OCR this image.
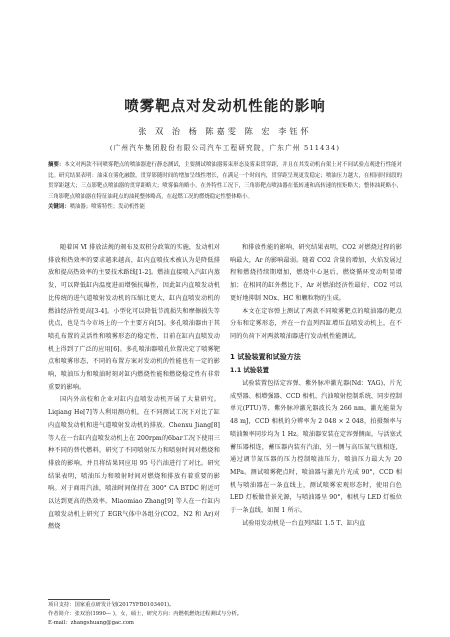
喷雾靶点对发动机性能的影响
张 双 治 杨 陈嘉雯 陈 宏 李钰怀
(广州汽车集团股份有限公司汽车工程研究院，广东广州 511434)
摘要：本文对两款不同喷雾靶点的喷油器进行静态测试，主要测试喷油器雾束形态及雾束贯穿距，并且在其发动机台架上对不同试验点观进行性能对比。研究结果表明：油束在雾化融散，贯穿影随时间的增加呈线性增长，在满足一个时间内，贯穿距呈现更发稳定；喷油压力越大，在相同时间段的贯穿距越大；三点影靶点喷油器的贯穿距略大；喷雾偏角略小。在外特性工况下，三角影靶点喷油器在低转速和高转速的扭矩略大；整体油耗略小，三角影靶点喷油器在特征油耗点的油耗整体略高，在起燃工况的燃烧稳定性整体略小。
关键词：喷油器；喷雾特性；发动机性能

随着国 Ⅵ 排放法规的颁布及双积分政策的实施，发动机对排放和热效率的要求越来越高，缸内直喷技术被认为是降低排放和提高热效率的主要技术路线[1-2]。燃油直接喷入汽缸内蒸发，可以降低缸内温度进而增强抗爆性，因此缸内直喷发动机比传统的进气道喷射发动机的压缩比更大，缸内直喷发动机的燃油经济性更高[3-4]。小型化可以降低节流损失和摩擦损失等优点，也是当今市场上的一个主要方向[5]。多孔喷油器由于其喷孔布置的灵活性和喷雾形态的稳定性，目前在缸内直喷发动机上得到了广泛的应用[6]。多孔喷油器喷孔位置决定了喷雾靶点和喷雾形态，不同的布置方案对发动机的性能也有一定的影响，喷油压力和喷油时刻对缸内燃烧性能和燃烧稳定性有非常重要的影响。

国内外高校和企业对缸内直喷发动机开展了大量研究。Liqiang He[7]等人利用测功机，在不同测试工况下对比了缸内直喷发动机和进气道喷射发动机的排放。Chenxu Jiang[8]等人在一台缸内直喷发动机上在 200rpm的6bar工况下使用三种不同的替代燃料，研究了不同喷射压力和喷射时间对燃烧和排放的影响，并且将结果同应用 95 号汽油进行了对比。研究结果表明，喷油压力和喷射时间对燃烧和排放有着重要的影响。对于商用汽油，喷油时间保持在 300° CA BTDC 附近可以达到更高的热效率。Miaomiao Zhang[9] 等人在一台缸内直喷发动机上研究了 EGR气体中各组分(CO2，N2 和 Ar)对燃烧

和排放性能的影响，研究结果表明，CO2 对燃烧过程的影响最大，Ar 的影响最弱。随着 CO2 含量的增加，火焰发展过程和燃烧持续期增加，燃烧中心退后，燃烧循环变动明显增加；在相同的缸外燃比下，Ar 对燃油经济性最好，CO2 可以更好地抑制 NOx、HC 和颗粒物的生成。

本文在定容弹上测试了两款不同喷雾靶点的喷油器的靶点分布和定雾形态，并在一台直列四缸增压直喷发动机上，在不同的负荷下对两款喷油器进行发动机性能测试。

1 试验装置和试验方法
1.1 试验装置

试验装置包括定容弹、紫外脉冲激光器(Nd：YAG)、片光成型器、相增强器、CCD 相机、汽油喷射控制系统、同步控制单元(PTU)等，紫外脉冲激光器波长为 266 nm，激光能量为 48 mJ，CCD 相机的分辨率为 2 048 × 2 048，拍摄频率与喷油频率同步均为 1 Hz。喷油器安装在定容弹侧面，与活塞式蓄压器相连，蓄压器内装有汽油，另一侧与高压氮气瓶相连，通过调节氮压器的压力控制喷油压力，喷油压力最大为 20 MPa。测试喷雾靶点时，喷油器与激光片光成 90°，CCD 相机与喷油器在一条直线上，测试喷雾宏观形态时，使用白色 LED 灯板做背景光源，与喷油器呈 90°，相机与 LED 灯板位于一条直线，如图 1 所示。

试验用发动机是一台直列四缸 1.5 T、缸内直

项目支持：国家重点研发计划(2017YFB0103401)。
作者简介：张双治(1990— )，女，硕士，研究方向：内燃机燃烧过程测试与分析。
E-mail：zhangshuang@gac.com
